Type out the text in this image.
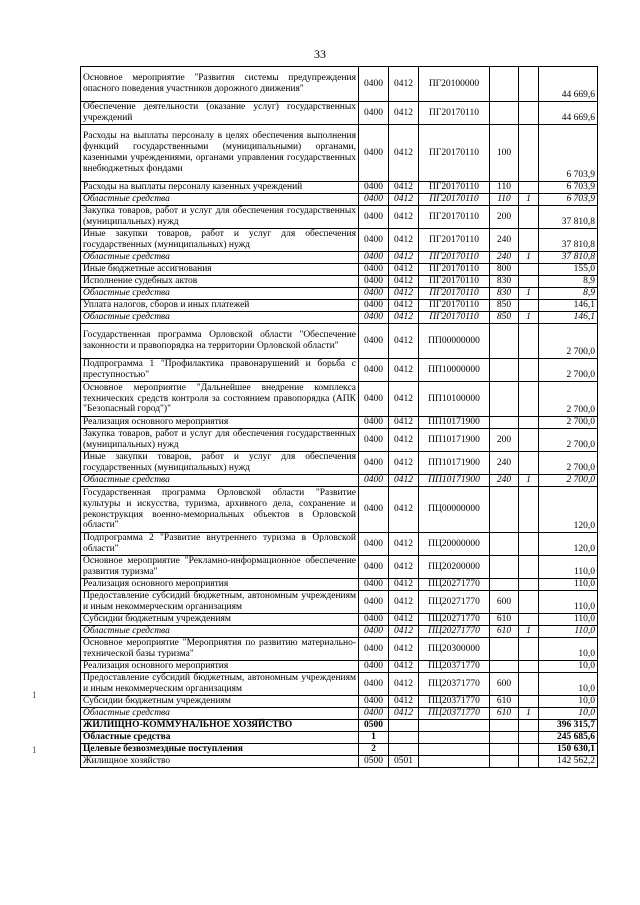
33
Основное мероприятие "Развития системы предупреждения опасного поведения участников дорожного движения"	0400	0412	ПГ20100000			44 669,6
Обеспечение деятельности (оказание услуг) государственных учреждений	0400	0412	ПГ20170110			44 669,6
Расходы на выплаты персоналу в целях обеспечения выполнения функций государственными (муниципальными) органами, казенными учреждениями, органами управления государственных внебюджетных фондами	0400	0412	ПГ20170110	100		6 703,9
Расходы на выплаты персоналу казенных учреждений	0400	0412	ПГ20170110	110		6 703,9
Областные средства	0400	0412	ПГ20170110	110	1	6 703,9
Закупка товаров, работ и услуг для обеспечения государственных (муниципальных) нужд	0400	0412	ПГ20170110	200		37 810,8
Иные закупки товаров, работ и услуг для обеспечения государственных (муниципальных) нужд	0400	0412	ПГ20170110	240		37 810,8
Областные средства	0400	0412	ПГ20170110	240	1	37 810,8
Иные бюджетные ассигнования	0400	0412	ПГ20170110	800		155,0
Исполнение судебных актов	0400	0412	ПГ20170110	830		8,9
Областные средства	0400	0412	ПГ20170110	830	1	8,9
Уплата налогов, сборов и иных платежей	0400	0412	ПГ20170110	850		146,1
Областные средства	0400	0412	ПГ20170110	850	1	146,1
Государственная программа Орловской области "Обеспечение законности и правопорядка на территории Орловской области"	0400	0412	ПП00000000			2 700,0
Подпрограмма 1 "Профилактика правонарушений и борьба с преступностью"	0400	0412	ПП10000000			2 700,0
Основное мероприятие "Дальнейшее внедрение комплекса технических средств контроля за состоянием правопорядка (АПК "Безопасный город")"	0400	0412	ПП10100000			2 700,0
Реализация основного мероприятия	0400	0412	ПП10171900			2 700,0
Закупка товаров, работ и услуг для обеспечения государственных (муниципальных) нужд	0400	0412	ПП10171900	200		2 700,0
Иные закупки товаров, работ и услуг для обеспечения государственных (муниципальных) нужд	0400	0412	ПП10171900	240		2 700,0
Областные средства	0400	0412	ПП10171900	240	1	2 700,0
Государственная программа Орловской области "Развитие культуры и искусства, туризма, архивного дела, сохранение и реконструкция военно-мемориальных объектов в Орловской области"	0400	0412	ПЦ00000000			120,0
Подпрограмма 2 "Развитие внутреннего туризма в Орловской области"	0400	0412	ПЦ20000000			120,0
Основное мероприятие "Рекламно-информационное обеспечение развития туризма"	0400	0412	ПЦ20200000			110,0
Реализация основного мероприятия	0400	0412	ПЦ20271770			110,0
Предоставление субсидий бюджетным, автономным учреждениям и иным некоммерческим организациям	0400	0412	ПЦ20271770	600		110,0
Субсидии бюджетным учреждениям	0400	0412	ПЦ20271770	610		110,0
Областные средства	0400	0412	ПЦ20271770	610	1	110,0
Основное мероприятие "Мероприятия по развитию материально-технической базы туризма"	0400	0412	ПЦ20300000			10,0
Реализация основного мероприятия	0400	0412	ПЦ20371770			10,0
Предоставление субсидий бюджетным, автономным учреждениям и иным некоммерческим организациям	0400	0412	ПЦ20371770	600		10,0
Субсидии бюджетным учреждениям	0400	0412	ПЦ20371770	610		10,0
Областные средства	0400	0412	ПЦ20371770	610	1	10,0
ЖИЛИЩНО-КОММУНАЛЬНОЕ ХОЗЯЙСТВО	0500					396 315,7
Областные средства	1					245 685,6
Целевые безвозмездные поступления	2					150 630,1
Жилищное хозяйство	0500	0501				142 562,2
1
1
